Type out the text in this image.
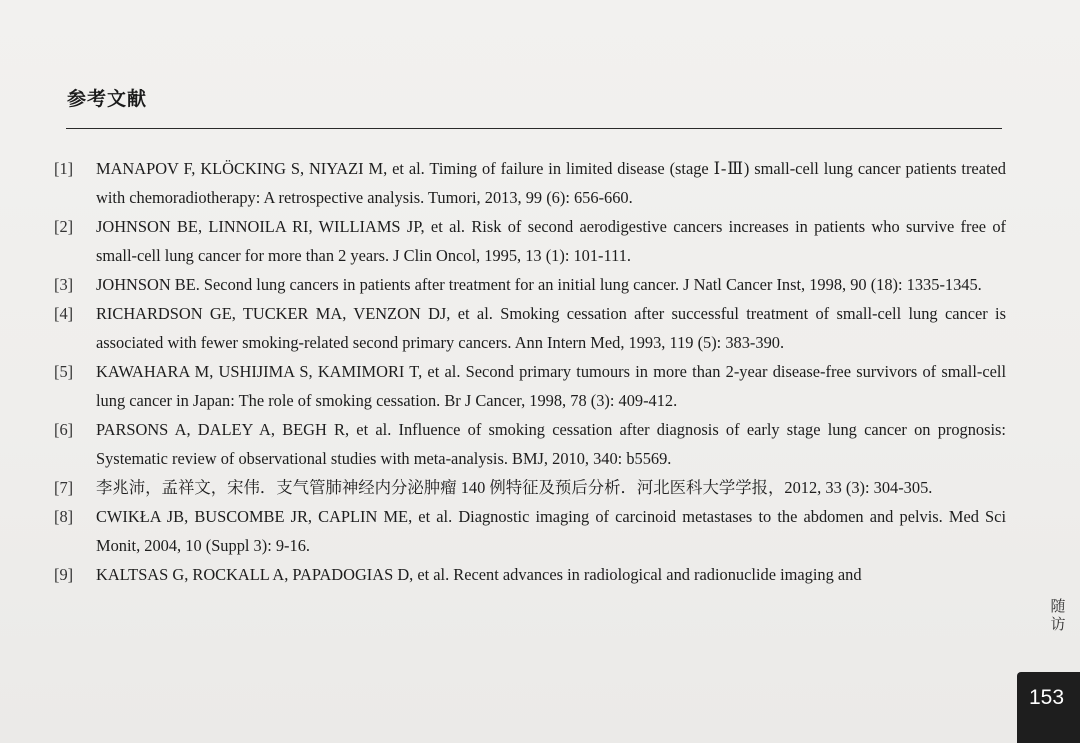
参考文献
[1]	MANAPOV F, KLÖCKING S, NIYAZI M, et al. Timing of failure in limited disease (stage Ⅰ-Ⅲ) small-cell lung cancer patients treated with chemoradiotherapy: A retrospective analysis. Tumori, 2013, 99 (6): 656-660.
[2]	JOHNSON BE, LINNOILA RI, WILLIAMS JP, et al. Risk of second aerodigestive cancers increases in patients who survive free of small-cell lung cancer for more than 2 years. J Clin Oncol, 1995, 13 (1): 101-111.
[3]	JOHNSON BE. Second lung cancers in patients after treatment for an initial lung cancer. J Natl Cancer Inst, 1998, 90 (18): 1335-1345.
[4]	RICHARDSON GE, TUCKER MA, VENZON DJ, et al. Smoking cessation after successful treatment of small-cell lung cancer is associated with fewer smoking-related second primary cancers. Ann Intern Med, 1993, 119 (5): 383-390.
[5]	KAWAHARA M, USHIJIMA S, KAMIMORI T, et al. Second primary tumours in more than 2-year disease-free survivors of small-cell lung cancer in Japan: The role of smoking cessation. Br J Cancer, 1998, 78 (3): 409-412.
[6]	PARSONS A, DALEY A, BEGH R, et al. Influence of smoking cessation after diagnosis of early stage lung cancer on prognosis: Systematic review of observational studies with meta-analysis. BMJ, 2010, 340: b5569.
[7]	李兆沛，孟祥文，宋伟．支气管肺神经内分泌肿瘤 140 例特征及预后分析．河北医科大学学报，2012, 33 (3): 304-305.
[8]	CWIKŁA JB, BUSCOMBE JR, CAPLIN ME, et al. Diagnostic imaging of carcinoid metastases to the abdomen and pelvis. Med Sci Monit, 2004, 10 (Suppl 3): 9-16.
[9]	KALTSAS G, ROCKALL A, PAPADOGIAS D, et al. Recent advances in radiological and radionuclide imaging and
随访
153
